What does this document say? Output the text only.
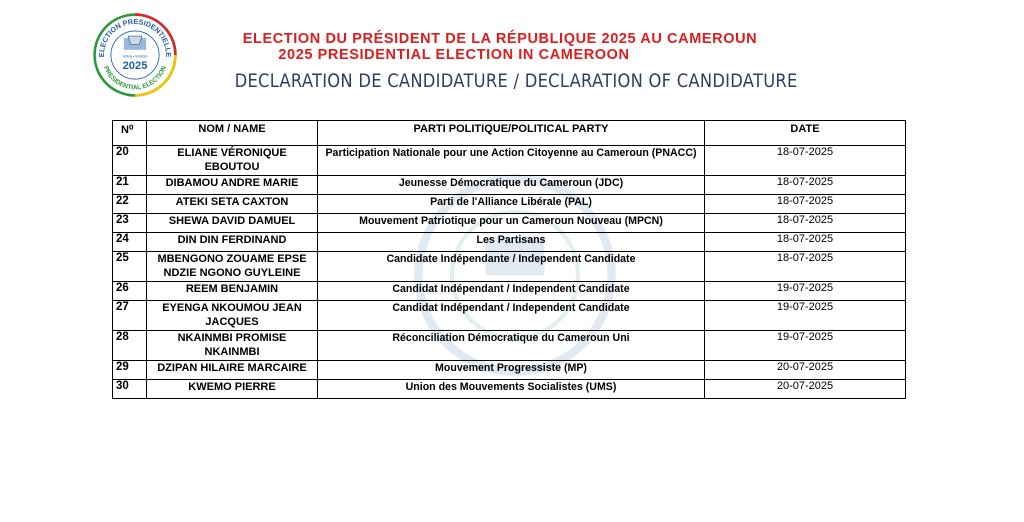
ELECTION PRESIDENTIELLE
PRESIDENTIAL ELECTION
Voting • Votation
2025
ELECTION DU PRÉSIDENT DE LA RÉPUBLIQUE 2025 AU CAMEROUN
2025 PRESIDENTIAL ELECTION IN CAMEROON
DECLARATION DE CANDIDATURE / DECLARATION OF CANDIDATURE
N⁰	NOM / NAME	PARTI POLITIQUE/POLITICAL PARTY	DATE
20	ELIANE VÉRONIQUE EBOUTOU	Participation Nationale pour une Action Citoyenne au Cameroun (PNACC)	18-07-2025
21	DIBAMOU ANDRE MARIE	Jeunesse Démocratique du Cameroun (JDC)	18-07-2025
22	ATEKI SETA CAXTON	Parti de l'Alliance Libérale (PAL)	18-07-2025
23	SHEWA DAVID DAMUEL	Mouvement Patriotique pour un Cameroun Nouveau (MPCN)	18-07-2025
24	DIN DIN FERDINAND	Les Partisans	18-07-2025
25	MBENGONO ZOUAME EPSE NDZIE NGONO GUYLEINE	Candidate Indépendante / Independent Candidate	18-07-2025
26	REEM BENJAMIN	Candidat Indépendant / Independent Candidate	19-07-2025
27	EYENGA NKOUMOU JEAN JACQUES	Candidat Indépendant / Independent Candidate	19-07-2025
28	NKAINMBI PROMISE NKAINMBI	Réconciliation Démocratique du Cameroun Uni	19-07-2025
29	DZIPAN HILAIRE MARCAIRE	Mouvement Progressiste (MP)	20-07-2025
30	KWEMO PIERRE	Union des Mouvements Socialistes (UMS)	20-07-2025
